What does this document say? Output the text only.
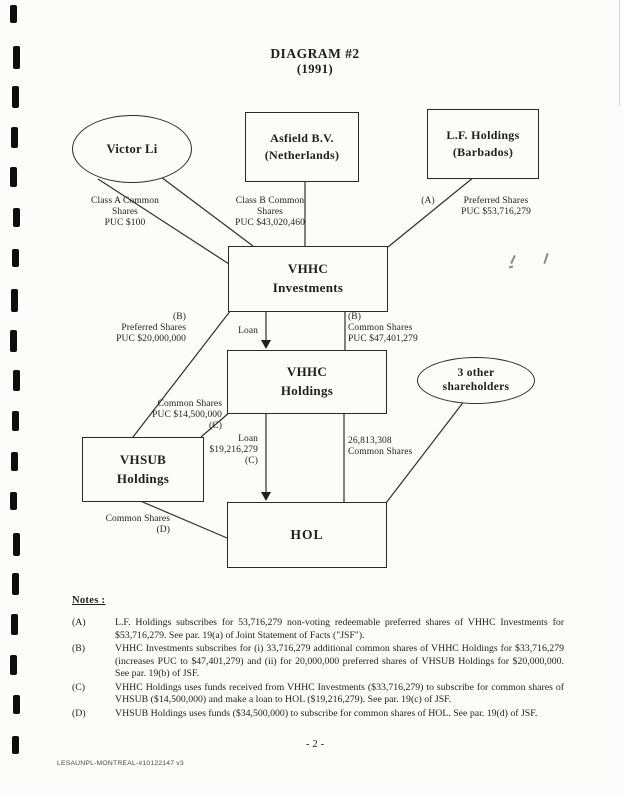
DIAGRAM #2
(1991)
Victor Li
Asfield B.V.
(Netherlands)
L.F. Holdings
(Barbados)
VHHC
Investments
VHHC
Holdings
3 other
shareholders
VHSUB
Holdings
HOL
Class A Common
Shares
PUC $100
Class B Common
Shares
PUC $43,020,460
(A)	Preferred Shares
PUC $53,716,279
(B)
Preferred Shares
PUC $20,000,000
Loan
(B)
Common Shares
PUC $47,401,279
Common Shares
PUC $14,500,000
(C)
Loan
$19,216,279
(C)
26,813,308
Common Shares
Common Shares
(D)
Notes :
(A)	L.F. Holdings subscribes for 53,716,279 non-voting redeemable preferred shares of VHHC Investments for $53,716,279. See par. 19(a) of Joint Statement of Facts ("JSF").
(B)	VHHC Investments subscribes for (i) 33,716,279 additional common shares of VHHC Holdings for $33,716,279 (increases PUC to $47,401,279) and (ii) for 20,000,000 preferred shares of VHSUB Holdings for $20,000,000. See par. 19(b) of JSF.
(C)	VHHC Holdings uses funds received from VHHC Investments ($33,716,279) to subscribe for common shares of VHSUB ($14,500,000) and make a loan to HOL ($19,216,279). See par. 19(c) of JSF.
(D)	VHSUB Holdings uses funds ($34,500,000) to subscribe for common shares of HOL. See par. 19(d) of JSF.
- 2 -
LESAUNPL-MONTREAL-#10122147 v3
